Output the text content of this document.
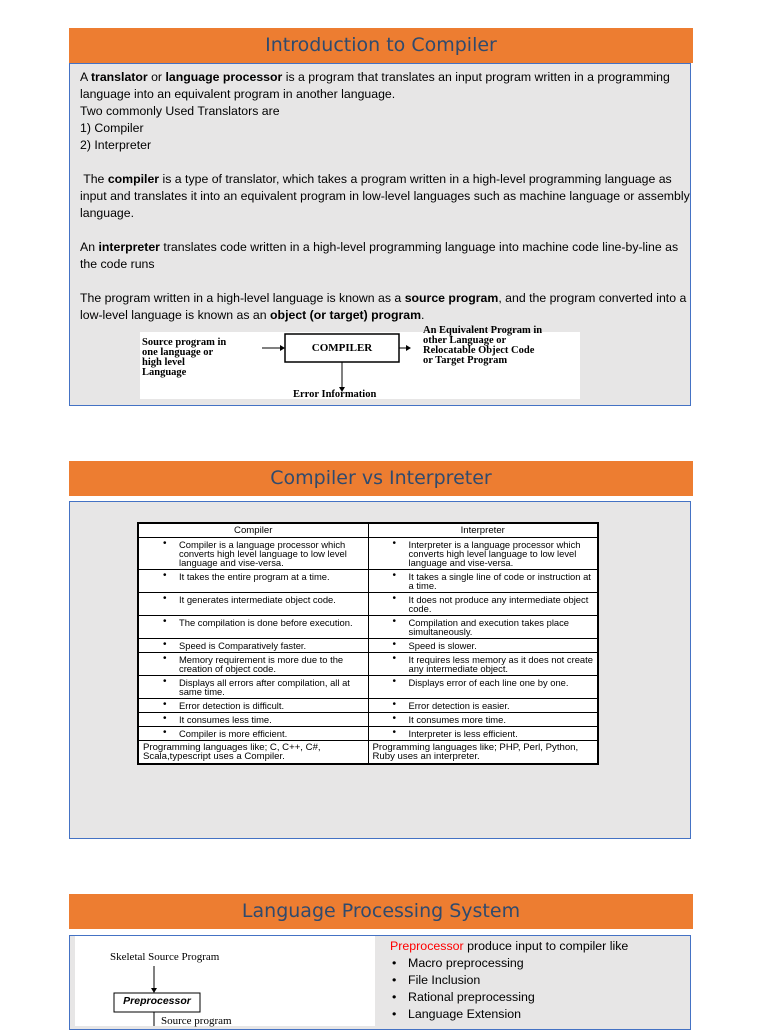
Introduction to Compiler

A translator or language processor is a program that translates an input program written in a programming language into an equivalent program in another language.

Two commonly Used Translators are

1) Compiler

2) Interpreter

The compiler is a type of translator, which takes a program written in a high-level programming language as input and translates it into an equivalent program in low-level languages such as machine language or assembly language.

An interpreter translates code written in a high-level programming language into machine code line-by-line as the code runs

The program written in a high-level language is known as a source program, and the program converted into a low-level language is known as an object (or target) program.

Source program in
one language or
high level
Language
COMPILER
An Equivalent Program in
other Language or
Relocatable Object Code
or Target Program
Error Information
Compiler vs Interpreter
Compiler	Interpreter
• Compiler is a language processor which converts high level language to low level language and vise-versa.	• Interpreter is a language processor which converts high level language to low level language and vise-versa.
• It takes the entire program at a time.	• It takes a single line of code or instruction at a time.
• It generates intermediate object code.	• It does not produce any intermediate object code.
• The compilation is done before execution.	• Compilation and execution takes place simultaneously.
• Speed is Comparatively faster.	• Speed is slower.
• Memory requirement is more due to the creation of object code.	• It requires less memory as it does not create any intermediate object.
• Displays all errors after compilation, all at same time.	• Displays error of each line one by one.
• Error detection is difficult.	• Error detection is easier.
• It consumes less time.	• It consumes more time.
• Compiler is more efficient.	• Interpreter is less efficient.
Programming languages like; C, C++, C#, Scala,typescript uses a Compiler.	Programming languages like; PHP, Perl, Python, Ruby uses an interpreter.
Language Processing System
Skeletal Source Program
Preprocessor
Source program
Preprocessor produce input to compiler like
• Macro preprocessing
• File Inclusion
• Rational preprocessing
• Language Extension
